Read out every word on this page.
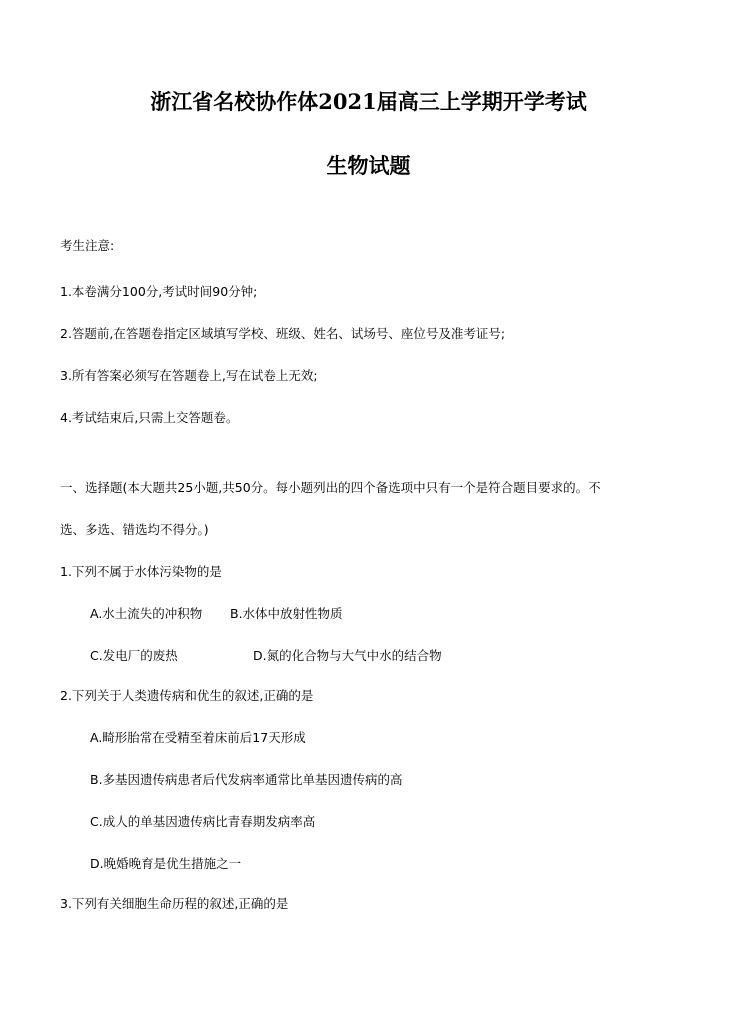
浙江省名校协作体2021届高三上学期开学考试
生物试题
考生注意:
1.本卷满分100分,考试时间90分钟;
2.答题前,在答题卷指定区域填写学校、班级、姓名、试场号、座位号及准考证号;
3.所有答案必须写在答题卷上,写在试卷上无效;
4.考试结束后,只需上交答题卷。
一、选择题(本大题共25小题,共50分。每小题列出的四个备选项中只有一个是符合题目要求的。不
选、多选、错选均不得分。)
1.下列不属于水体污染物的是
A.水土流失的冲积物 B.水体中放射性物质
C.发电厂的废热	D.氮的化合物与大气中水的结合物
2.下列关于人类遗传病和优生的叙述,正确的是
A.畸形胎常在受精至着床前后17天形成
B.多基因遗传病患者后代发病率通常比单基因遗传病的高
C.成人的单基因遗传病比青春期发病率高
D.晚婚晚育是优生措施之一
3.下列有关细胞生命历程的叙述,正确的是
